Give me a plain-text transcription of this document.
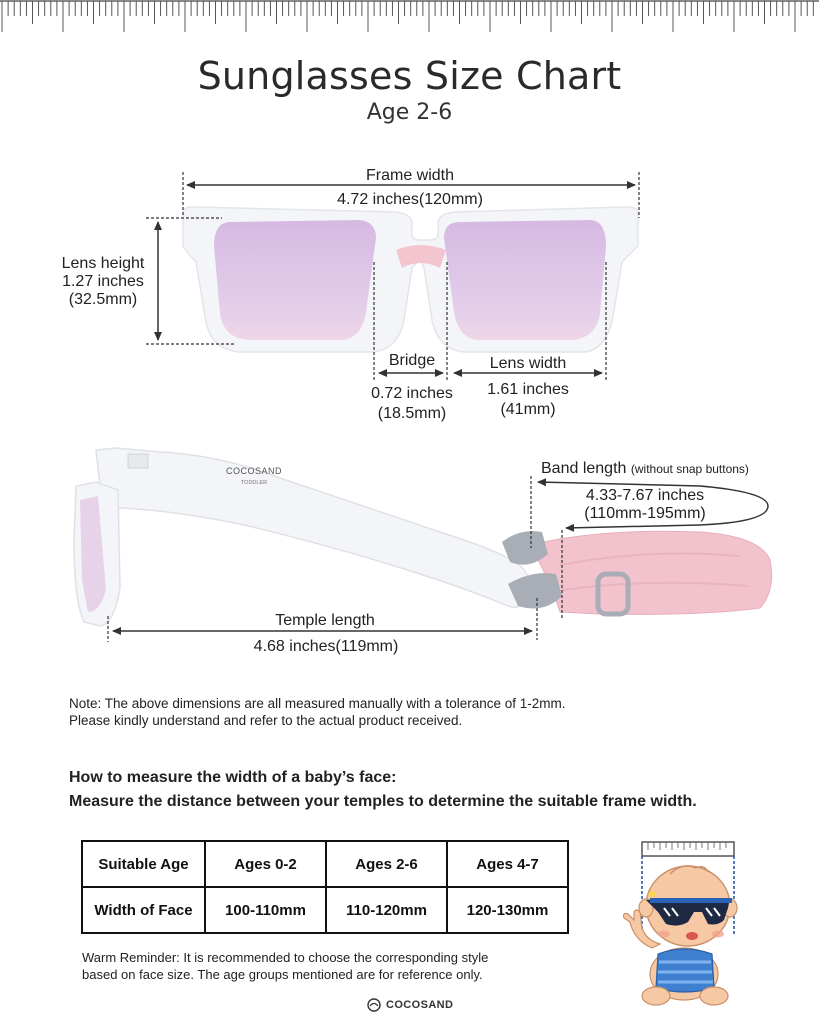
Sunglasses Size Chart
Age 2-6
Frame width
4.72 inches(120mm)
Lens height
1.27 inches
(32.5mm)
Bridge
0.72 inches
(18.5mm)
Lens width
1.61 inches
(41mm)
COCOSAND
TODDLER
Band length (without snap buttons)
4.33-7.67 inches
(110mm-195mm)
Temple length
4.68 inches(119mm)
Note: The above dimensions are all measured manually with a tolerance of 1-2mm.
Please kindly understand and refer to the actual product received.
How to measure the width of a baby’s face:
Measure the distance between your temples to determine the suitable frame width.
Suitable Age	Ages 0-2	Ages 2-6	Ages 4-7
Width of Face	100-110mm	110-120mm	120-130mm
Warm Reminder: It is recommended to choose the corresponding style
based on face size. The age groups mentioned are for reference only.
COCOSAND
